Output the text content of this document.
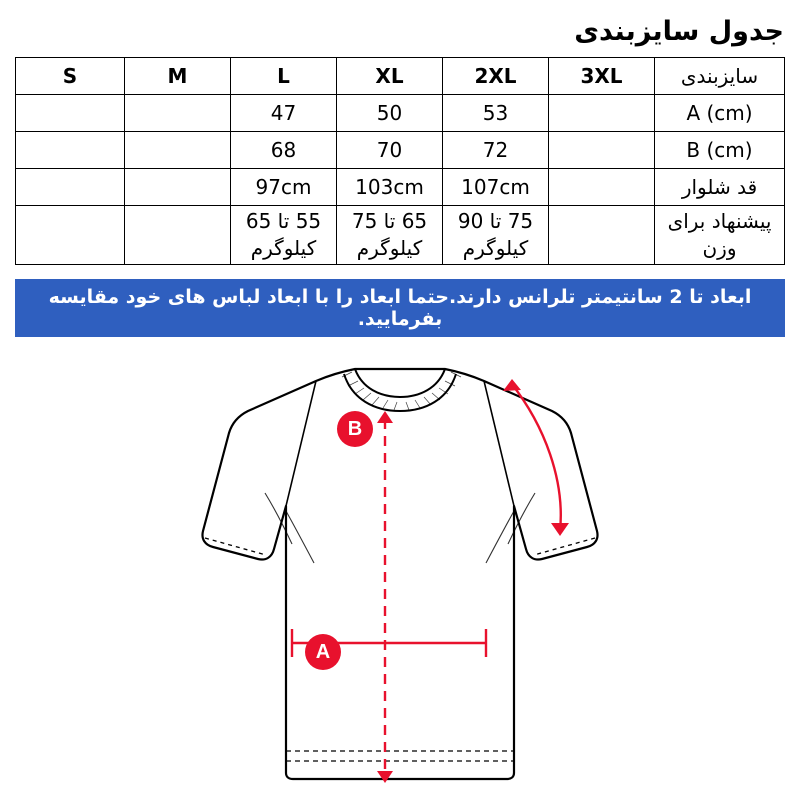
جدول سایزبندی
سایزبندی	3XL	2XL	XL	L	M	S
A (cm)		53	50	47		
B (cm)		72	70	68		
قد شلوار		107cm	103cm	97cm		
پیشنهاد برای وزن		75 تا 90 کیلوگرم	65 تا 75 کیلوگرم	55 تا 65 کیلوگرم		
ابعاد تا 2 سانتیمتر تلرانس دارند.حتما ابعاد را با ابعاد لباس های خود مقایسه بفرمایید.
B
A
